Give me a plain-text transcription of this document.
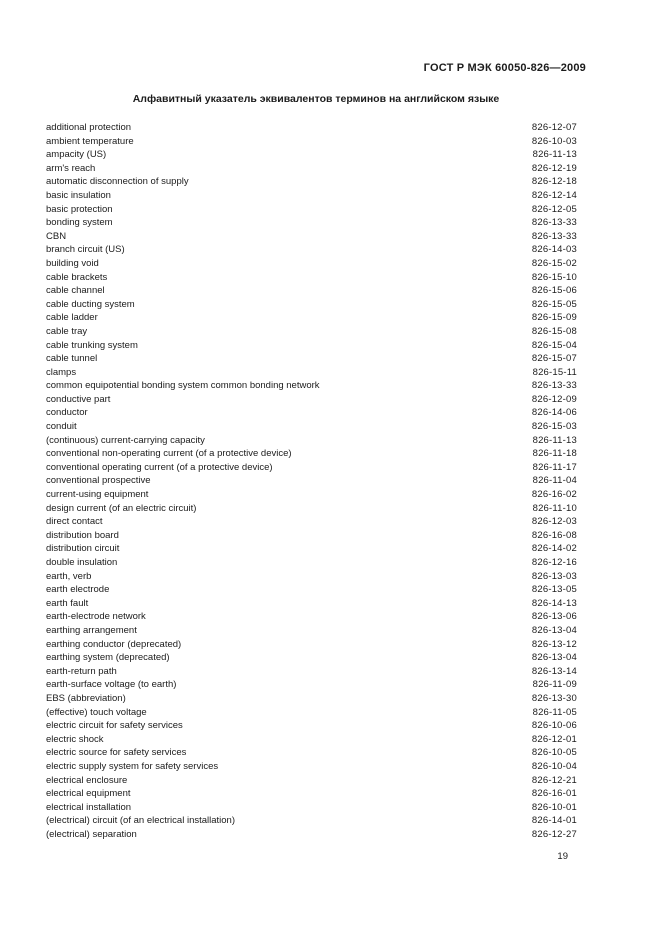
ГОСТ Р МЭК 60050-826—2009
Алфавитный указатель эквивалентов терминов на английском языке
additional protection	826-12-07
ambient temperature	826-10-03
ampacity (US)	826-11-13
arm's reach	826-12-19
automatic disconnection of supply	826-12-18
basic insulation	826-12-14
basic protection	826-12-05
bonding system	826-13-33
CBN	826-13-33
branch circuit (US)	826-14-03
building void	826-15-02
cable brackets	826-15-10
cable channel	826-15-06
cable ducting system	826-15-05
cable ladder	826-15-09
cable tray	826-15-08
cable trunking system	826-15-04
cable tunnel	826-15-07
clamps	826-15-11
common equipotential bonding system common bonding network	826-13-33
conductive part	826-12-09
conductor	826-14-06
conduit	826-15-03
(continuous) current-carrying capacity	826-11-13
conventional non-operating current (of a protective device)	826-11-18
conventional operating current (of a protective device)	826-11-17
conventional prospective	826-11-04
current-using equipment	826-16-02
design current (of an electric circuit)	826-11-10
direct contact	826-12-03
distribution board	826-16-08
distribution circuit	826-14-02
double insulation	826-12-16
earth, verb	826-13-03
earth electrode	826-13-05
earth fault	826-14-13
earth-electrode network	826-13-06
earthing arrangement	826-13-04
earthing conductor (deprecated)	826-13-12
earthing system (deprecated)	826-13-04
earth-return path	826-13-14
earth-surface voltage (to earth)	826-11-09
EBS (abbreviation)	826-13-30
(effective) touch voltage	826-11-05
electric circuit for safety services	826-10-06
electric shock	826-12-01
electric source for safety services	826-10-05
electric supply system for safety services	826-10-04
electrical enclosure	826-12-21
electrical equipment	826-16-01
electrical installation	826-10-01
(electrical) circuit (of an electrical installation)	826-14-01
(electrical) separation	826-12-27
19
